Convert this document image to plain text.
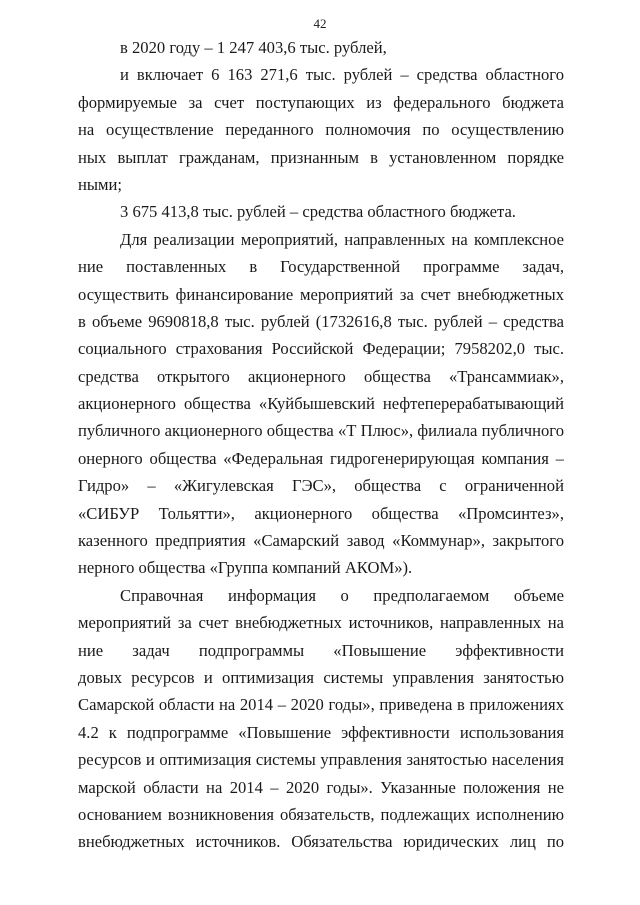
42
в 2020 году – 1 247 403,6 тыс. рублей,
и включает 6 163 271,6 тыс. рублей – средства областного
формируемые за счет поступающих из федерального бюджета
на осуществление переданного полномочия по осуществлению
ных выплат гражданам, признанным в установленном порядке
ными;
3 675 413,8 тыс. рублей – средства областного бюджета.
Для реализации мероприятий, направленных на комплексное
ние поставленных в Государственной программе задач,
осуществить финансирование мероприятий за счет внебюджетных
в объеме 9690818,8 тыс. рублей (1732616,8 тыс. рублей – средства
социального страхования Российской Федерации; 7958202,0 тыс.
средства открытого акционерного общества «Трансаммиак»,
акционерного общества «Куйбышевский нефтеперерабатывающий
публичного акционерного общества «Т Плюс», филиала публичного
онерного общества «Федеральная гидрогенерирующая компания –
Гидро» – «Жигулевская ГЭС», общества с ограниченной
«СИБУР Тольятти», акционерного общества «Промсинтез»,
казенного предприятия «Самарский завод «Коммунар», закрытого
нерного общества «Группа компаний АКОМ»).
Справочная информация о предполагаемом объеме
мероприятий за счет внебюджетных источников, направленных на
ние задач подпрограммы «Повышение эффективности
довых ресурсов и оптимизация системы управления занятостью
Самарской области на 2014 – 2020 годы», приведена в приложениях
4.2 к подпрограмме «Повышение эффективности использования
ресурсов и оптимизация системы управления занятостью населения
марской области на 2014 – 2020 годы». Указанные положения не
основанием возникновения обязательств, подлежащих исполнению
внебюджетных источников. Обязательства юридических лиц по
